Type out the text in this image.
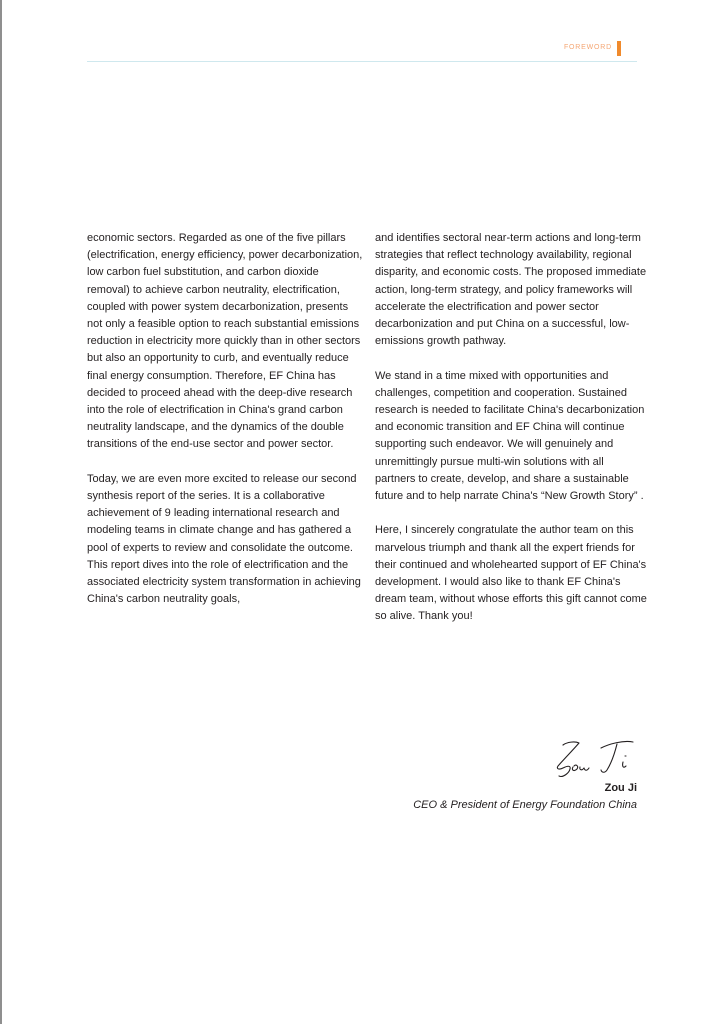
FOREWORD

economic sectors. Regarded as one of the five pillars (electrification, energy efficiency, power decarbonization, low carbon fuel substitution, and carbon dioxide removal) to achieve carbon neutrality, electrification, coupled with power system decarbonization, presents not only a feasible option to reach substantial emissions reduction in electricity more quickly than in other sectors but also an opportunity to curb, and eventually reduce final energy consumption. Therefore, EF China has decided to proceed ahead with the deep-dive research into the role of electrification in China's grand carbon neutrality landscape, and the dynamics of the double transitions of the end-use sector and power sector.

Today, we are even more excited to release our second synthesis report of the series. It is a collaborative achievement of 9 leading international research and modeling teams in climate change and has gathered a pool of experts to review and consolidate the outcome. This report dives into the role of electrification and the associated electricity system transformation in achieving China's carbon neutrality goals,

and identifies sectoral near-term actions and long-term strategies that reflect technology availability, regional disparity, and economic costs. The proposed immediate action, long-term strategy, and policy frameworks will accelerate the electrification and power sector decarbonization and put China on a successful, low-emissions growth pathway.

We stand in a time mixed with opportunities and challenges, competition and cooperation. Sustained research is needed to facilitate China's decarbonization and economic transition and EF China will continue supporting such endeavor. We will genuinely and unremittingly pursue multi-win solutions with all partners to create, develop, and share a sustainable future and to help narrate China's “New Growth Story” .

Here, I sincerely congratulate the author team on this marvelous triumph and thank all the expert friends for their continued and wholehearted support of EF China's development. I would also like to thank EF China's dream team, without whose efforts this gift cannot come so alive. Thank you!

Zou Ji
CEO & President of Energy Foundation China
